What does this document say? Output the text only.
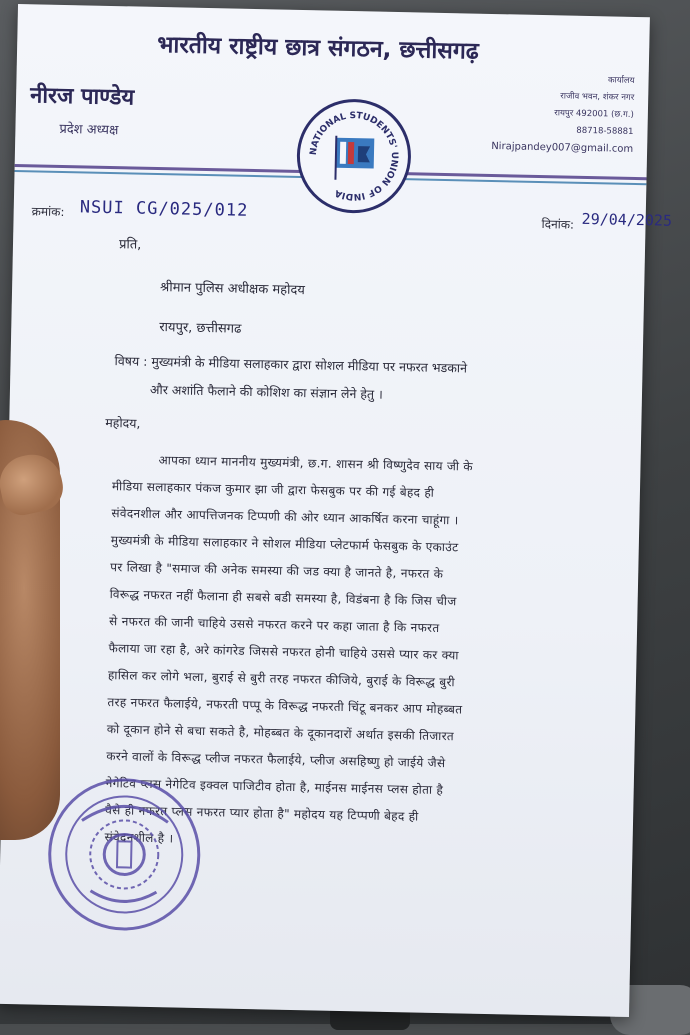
भारतीय राष्ट्रीय छात्र संगठन, छत्तीसगढ़
नीरज पाण्डेय
प्रदेश अध्यक्ष
कार्यालय
राजीव भवन, शंकर नगर
रायपुर 492001 (छ.ग.)
88718-58881
Nirajpandey007@gmail.com
NATIONAL STUDENTS' UNION OF INDIA
क्रमांक: NSUI CG/025/012
दिनांक: 29/04/2025
प्रति,
श्रीमान पुलिस अधीक्षक महोदय
रायपुर, छत्तीसगढ
विषय : मुख्यमंत्री के मीडिया सलाहकार द्वारा सोशल मीडिया पर नफरत भडकाने
और अशांति फैलाने की कोशिश का संज्ञान लेने हेतु ।
महोदय,
आपका ध्यान माननीय मुख्यमंत्री, छ.ग. शासन श्री विष्णुदेव साय जी के
मीडिया सलाहकार पंकज कुमार झा जी द्वारा फेसबुक पर की गई बेहद ही
संवेदनशील और आपत्तिजनक टिप्पणी की ओर ध्यान आकर्षित करना चाहूंगा ।
मुख्यमंत्री के मीडिया सलाहकार ने सोशल मीडिया प्लेटफार्म फेसबुक के एकाउंट
पर लिखा है "समाज की अनेक समस्या की जड क्या है जानते है, नफरत के
विरूद्ध नफरत नहीं फैलाना ही सबसे बडी समस्या है, विडंबना है कि जिस चीज
से नफरत की जानी चाहिये उससे नफरत करने पर कहा जाता है कि नफरत
फैलाया जा रहा है, अरे कांगरेड जिससे नफरत होनी चाहिये उससे प्यार कर क्या
हासिल कर लोगे भला, बुराई से बुरी तरह नफरत कीजिये, बुराई के विरूद्ध बुरी
तरह नफरत फैलाईये, नफरती पप्पू के विरूद्ध नफरती चिंटू बनकर आप मोहब्बत
को दूकान होने से बचा सकते है, मोहब्बत के दूकानदारों अर्थात इसकी तिजारत
करने वालों के विरूद्ध प्लीज नफरत फैलाईये, प्लीज असहिष्णु हो जाईये जैसे
नेगेटिव प्लस नेगेटिव इक्वल पाजिटीव होता है, माईनस माईनस प्लस होता है
वैसे ही नफरत प्लस नफरत प्यार होता है" महोदय यह टिप्पणी बेहद ही
संवेदनशील है ।
